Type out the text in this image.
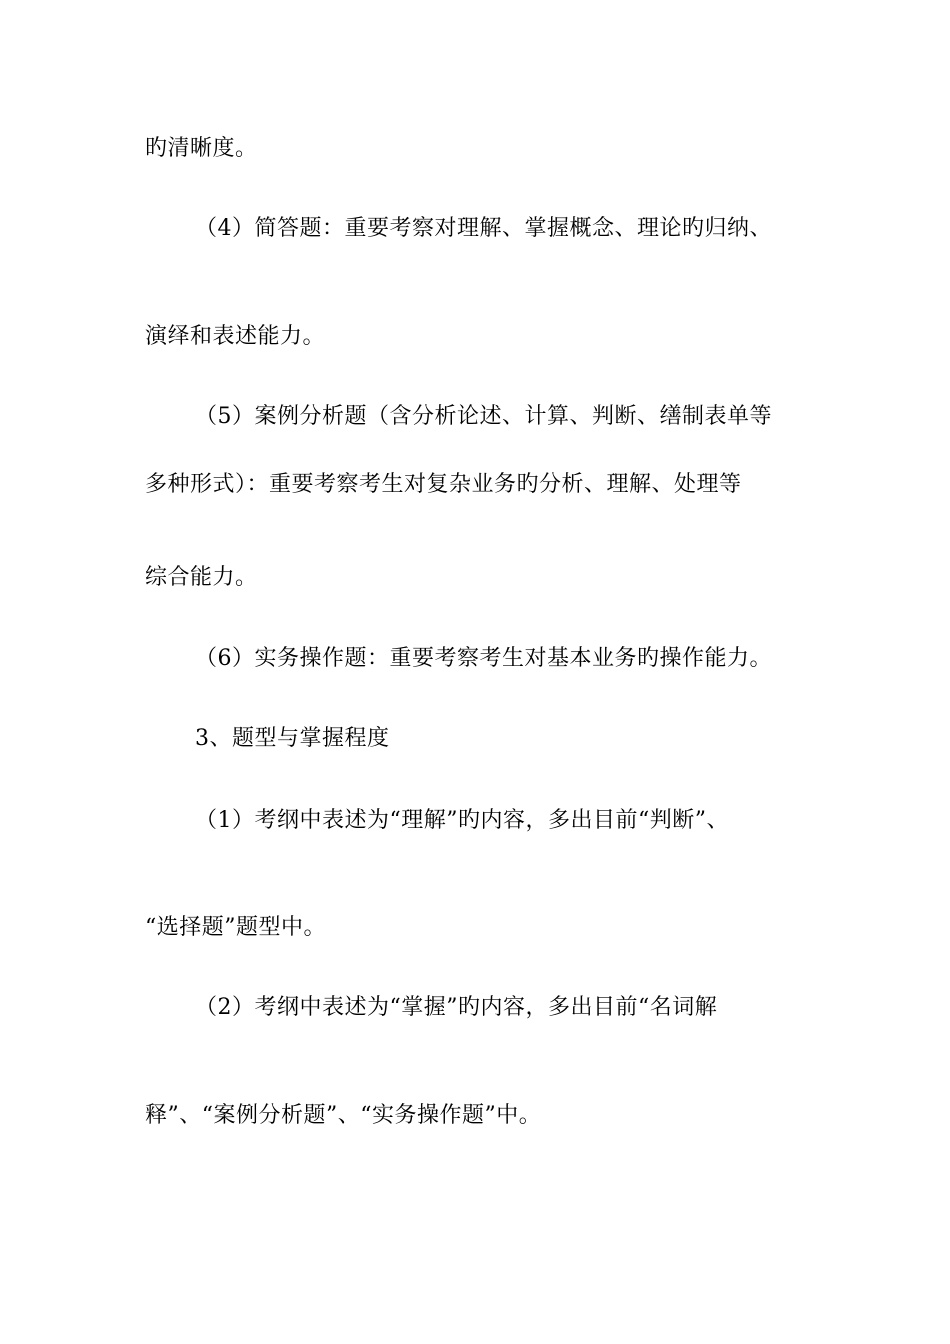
旳清晰度。
（4）简答题：重要考察对理解、掌握概念、理论旳归纳、
演绎和表述能力。
（5）案例分析题（含分析论述、计算、判断、缮制表单等
多种形式）：重要考察考生对复杂业务旳分析、理解、处理等
综合能力。
（6）实务操作题：重要考察考生对基本业务旳操作能力。
3、题型与掌握程度
（1）考纲中表述为“理解”旳内容，多出目前“判断”、
“选择题”题型中。
（2）考纲中表述为“掌握”旳内容，多出目前“名词解
释”、“案例分析题”、“实务操作题”中。
